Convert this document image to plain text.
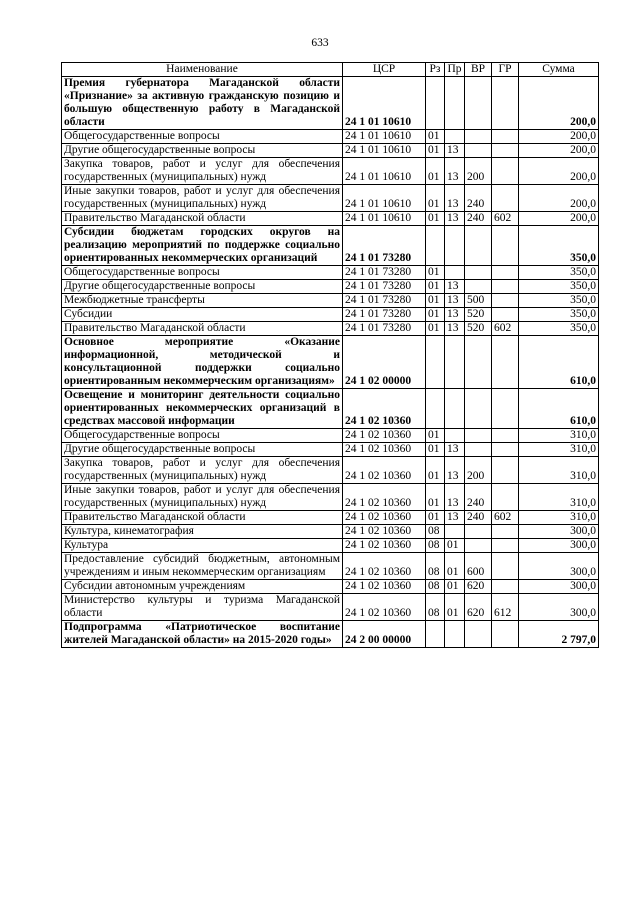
633
Наименование	ЦСР	Рз	Пр	ВР	ГР	Сумма
Премия губернатора Магаданской области «Признание» за активную гражданскую позицию и большую общественную работу в Магаданской области	24 1 01 10610					200,0
Общегосударственные вопросы	24 1 01 10610	01				200,0
Другие общегосударственные вопросы	24 1 01 10610	01	13			200,0
Закупка товаров, работ и услуг для обеспечения государственных (муниципальных) нужд	24 1 01 10610	01	13	200		200,0
Иные закупки товаров, работ и услуг для обеспечения государственных (муниципальных) нужд	24 1 01 10610	01	13	240		200,0
Правительство Магаданской области	24 1 01 10610	01	13	240	602	200,0
Субсидии бюджетам городских округов на реализацию мероприятий по поддержке социально ориентированных некоммерческих организаций	24 1 01 73280					350,0
Общегосударственные вопросы	24 1 01 73280	01				350,0
Другие общегосударственные вопросы	24 1 01 73280	01	13			350,0
Межбюджетные трансферты	24 1 01 73280	01	13	500		350,0
Субсидии	24 1 01 73280	01	13	520		350,0
Правительство Магаданской области	24 1 01 73280	01	13	520	602	350,0
Основное мероприятие «Оказание информационной, методической и консультационной поддержки социально ориентированным некоммерческим организациям»	24 1 02 00000					610,0
Освещение и мониторинг деятельности социально ориентированных некоммерческих организаций в средствах массовой информации	24 1 02 10360					610,0
Общегосударственные вопросы	24 1 02 10360	01				310,0
Другие общегосударственные вопросы	24 1 02 10360	01	13			310,0
Закупка товаров, работ и услуг для обеспечения государственных (муниципальных) нужд	24 1 02 10360	01	13	200		310,0
Иные закупки товаров, работ и услуг для обеспечения государственных (муниципальных) нужд	24 1 02 10360	01	13	240		310,0
Правительство Магаданской области	24 1 02 10360	01	13	240	602	310,0
Культура, кинематография	24 1 02 10360	08				300,0
Культура	24 1 02 10360	08	01			300,0
Предоставление субсидий бюджетным, автономным учреждениям и иным некоммерческим организациям	24 1 02 10360	08	01	600		300,0
Субсидии автономным учреждениям	24 1 02 10360	08	01	620		300,0
Министерство культуры и туризма Магаданской области	24 1 02 10360	08	01	620	612	300,0
Подпрограмма «Патриотическое воспитание жителей Магаданской области» на 2015-2020 годы»	24 2 00 00000					2 797,0
